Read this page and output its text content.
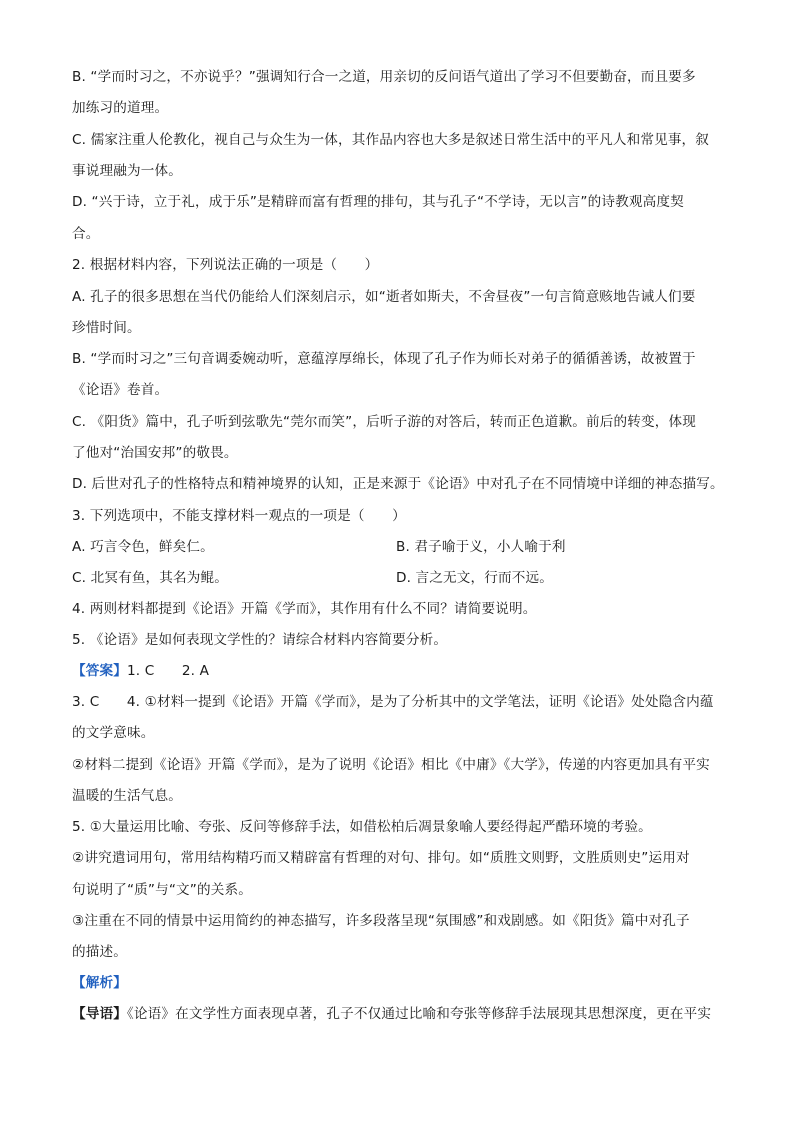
B. “学而时习之，不亦说乎？”强调知行合一之道，用亲切的反问语气道出了学习不但要勤奋，而且要多
加练习的道理。
C. 儒家注重人伦教化，视自己与众生为一体，其作品内容也大多是叙述日常生活中的平凡人和常见事，叙
事说理融为一体。
D. “兴于诗，立于礼，成于乐”是精辟而富有哲理的排句，其与孔子“不学诗，无以言”的诗教观高度契
合。
2. 根据材料内容，下列说法正确的一项是（　　）
A. 孔子的很多思想在当代仍能给人们深刻启示，如“逝者如斯夫，不舍昼夜”一句言简意赅地告诫人们要
珍惜时间。
B. “学而时习之”三句音调委婉动听，意蕴淳厚绵长，体现了孔子作为师长对弟子的循循善诱，故被置于
《论语》卷首。
C. 《阳货》篇中，孔子听到弦歌先“莞尔而笑”，后听子游的对答后，转而正色道歉。前后的转变，体现
了他对“治国安邦”的敬畏。
D. 后世对孔子的性格特点和精神境界的认知，正是来源于《论语》中对孔子在不同情境中详细的神态描写。
3. 下列选项中，不能支撑材料一观点的一项是（　　）
A. 巧言令色，鲜矣仁。	B. 君子喻于义，小人喻于利
C. 北冥有鱼，其名为鲲。	D. 言之无文，行而不远。
4. 两则材料都提到《论语》开篇《学而》，其作用有什么不同？请简要说明。
5. 《论语》是如何表现文学性的？请综合材料内容简要分析。
【答案】1. C　　2. A
3. C　　4. ①材料一提到《论语》开篇《学而》，是为了分析其中的文学笔法，证明《论语》处处隐含内蕴
的文学意味。
②材料二提到《论语》开篇《学而》，是为了说明《论语》相比《中庸》《大学》，传递的内容更加具有平实
温暖的生活气息。
5. ①大量运用比喻、夸张、反问等修辞手法，如借松柏后凋景象喻人要经得起严酷环境的考验。
②讲究遣词用句，常用结构精巧而又精辟富有哲理的对句、排句。如“质胜文则野，文胜质则史”运用对
句说明了“质”与“文”的关系。
③注重在不同的情景中运用简约的神态描写，许多段落呈现“氛围感”和戏剧感。如《阳货》篇中对孔子
的描述。
【解析】
【导语】《论语》在文学性方面表现卓著，孔子不仅通过比喻和夸张等修辞手法展现其思想深度，更在平实
